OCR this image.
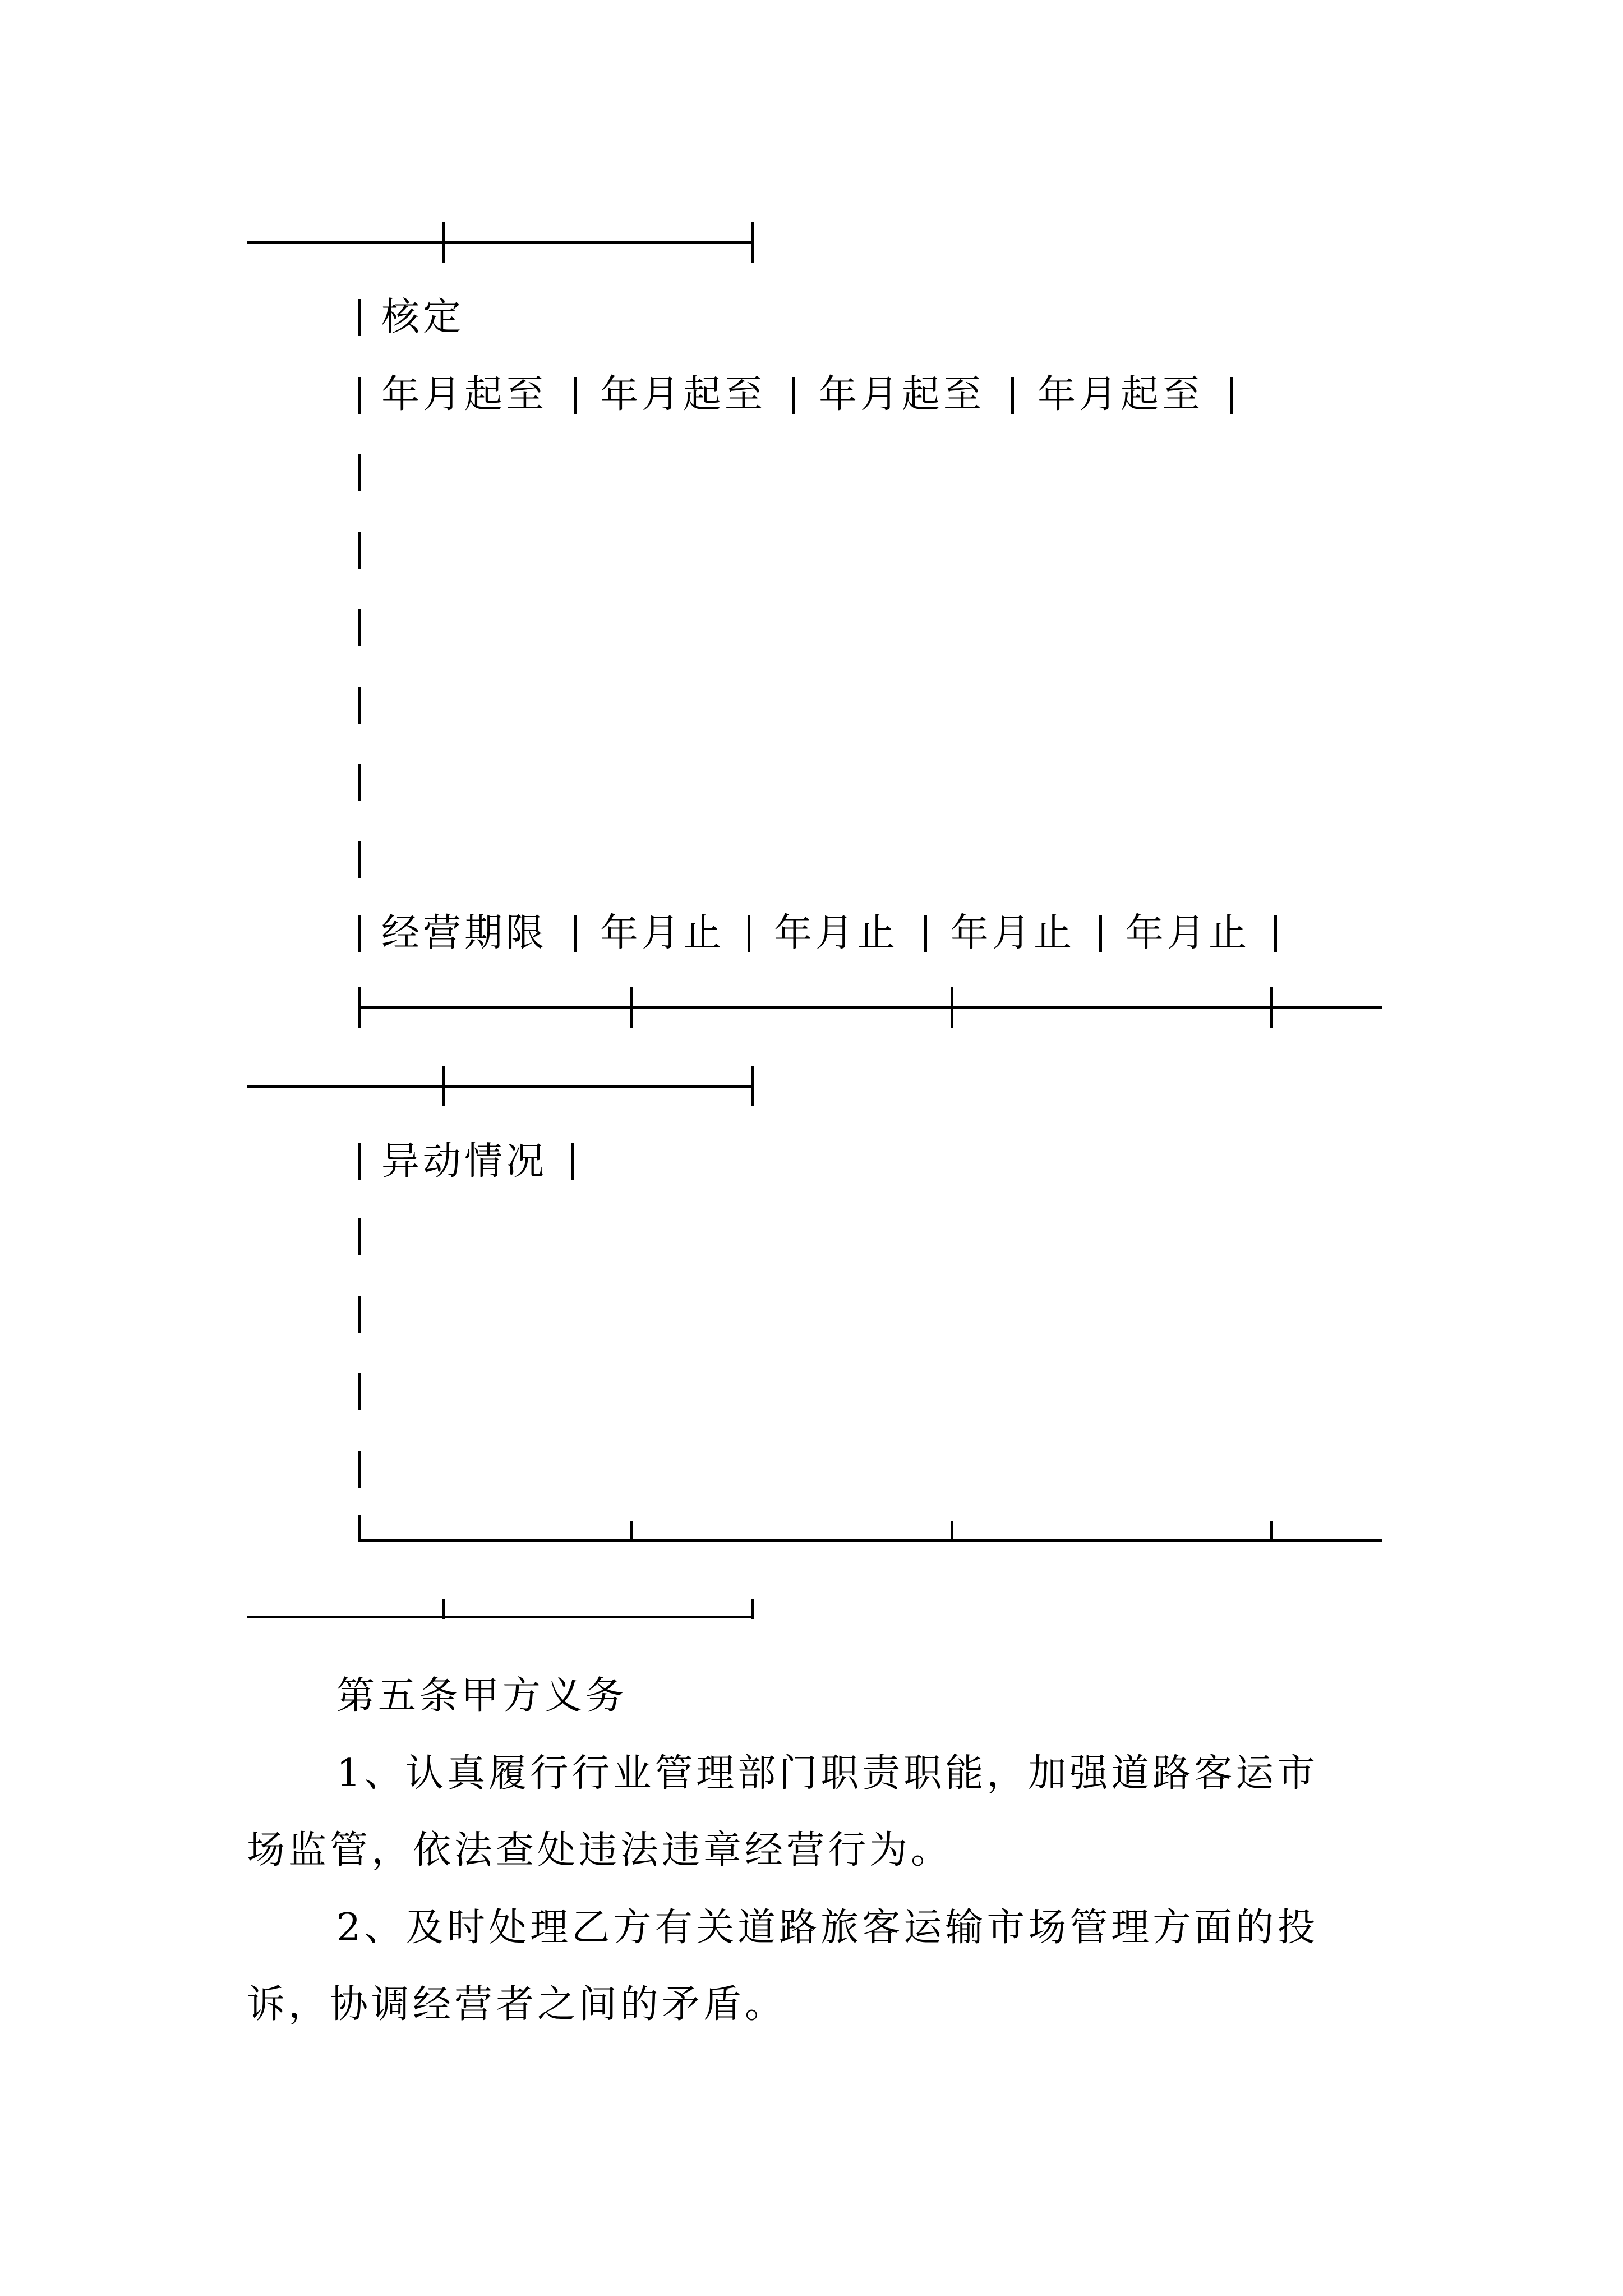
核定
年月起至 年月起至 年月起至 年月起至
经营期限 年月止 年月止 年月止 年月止
异动情况
第五条甲方义务
1、认真履行行业管理部门职责职能，加强道路客运市
场监管，依法查处违法违章经营行为。
2、及时处理乙方有关道路旅客运输市场管理方面的投
诉，协调经营者之间的矛盾。
